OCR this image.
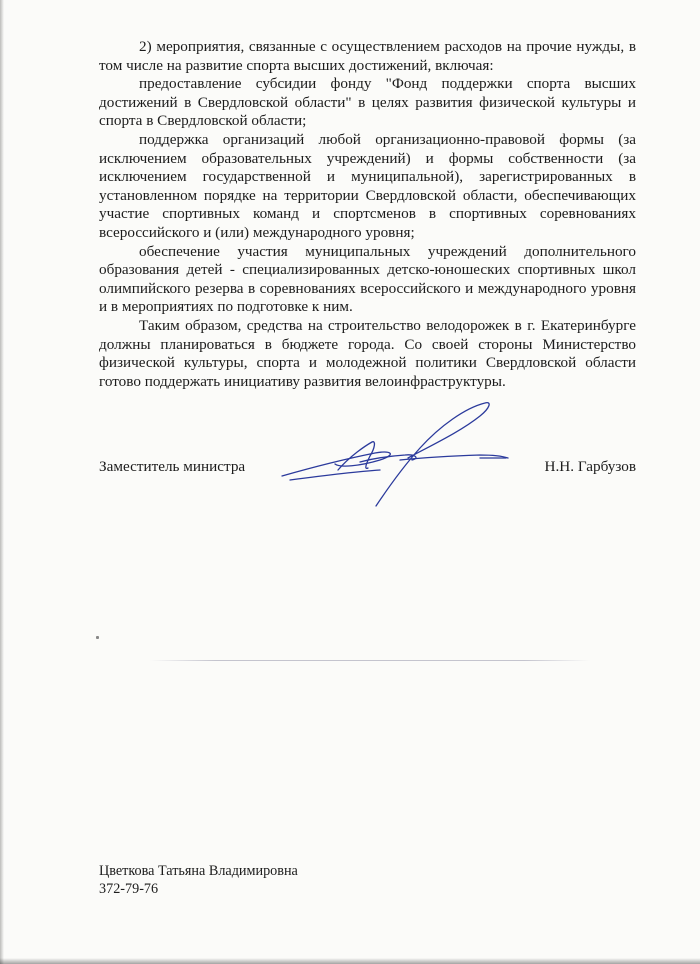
2) мероприятия, связанные с осуществлением расходов на прочие нужды, в том числе на развитие спорта высших достижений, включая:

предоставление субсидии фонду "Фонд поддержки спорта высших достижений в Свердловской области" в целях развития физической культуры и спорта в Свердловской области;

поддержка организаций любой организационно-правовой формы (за исключением образовательных учреждений) и формы собственности (за исключением государственной и муниципальной), зарегистрированных в установленном порядке на территории Свердловской области, обеспечивающих участие спортивных команд и спортсменов в спортивных соревнованиях всероссийского и (или) международного уровня;

обеспечение участия муниципальных учреждений дополнительного образования детей - специализированных детско-юношеских спортивных школ олимпийского резерва в соревнованиях всероссийского и международного уровня и в мероприятиях по подготовке к ним.

Таким образом, средства на строительство велодорожек в г. Екатеринбурге должны планироваться в бюджете города. Со своей стороны Министерство физической культуры, спорта и молодежной политики Свердловской области готово поддержать инициативу развития велоинфраструктуры.

Заместитель министра	Н.Н. Гарбузов
Цветкова Татьяна Владимировна
372-79-76
